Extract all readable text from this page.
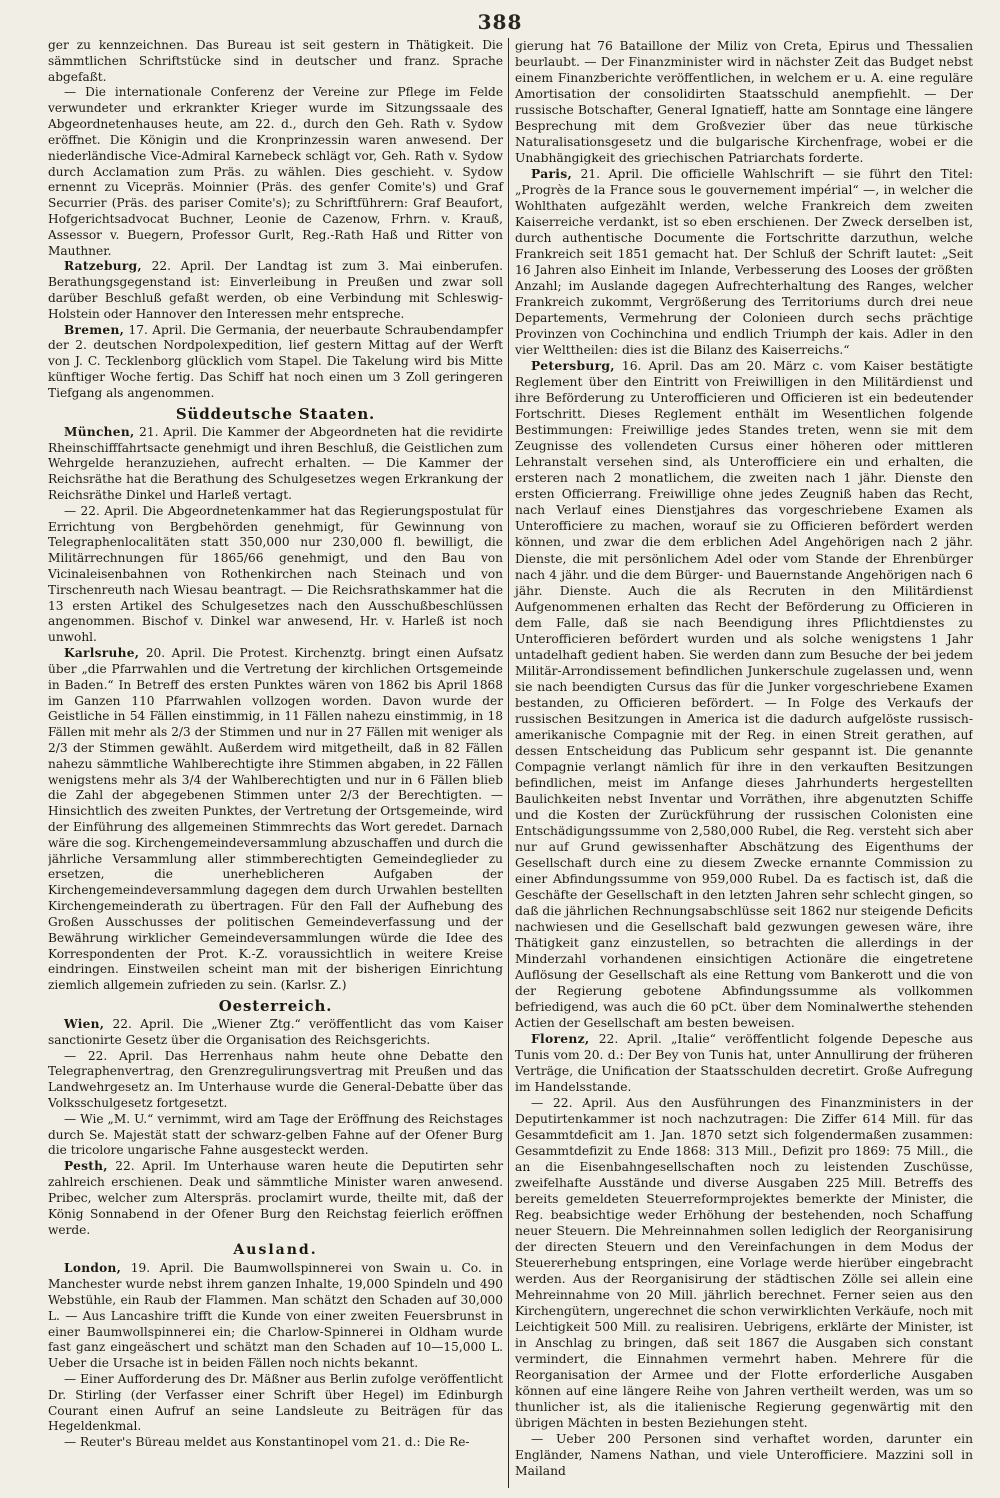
388

ger zu kennzeichnen. Das Bureau ist seit gestern in Thätigkeit. Die sämmtlichen Schriftstücke sind in deutscher und franz. Sprache abgefaßt.

— Die internationale Conferenz der Vereine zur Pflege im Felde verwundeter und erkrankter Krieger wurde im Sitzungssaale des Abgeordnetenhauses heute, am 22. d., durch den Geh. Rath v. Sydow eröffnet. Die Königin und die Kronprinzessin waren anwesend. Der niederländische Vice-Admiral Karnebeck schlägt vor, Geh. Rath v. Sydow durch Acclamation zum Präs. zu wählen. Dies geschieht. v. Sydow ernennt zu Vicepräs. Moinnier (Präs. des genfer Comite's) und Graf Securrier (Präs. des pariser Comite's); zu Schriftführern: Graf Beaufort, Hofgerichtsadvocat Buchner, Leonie de Cazenow, Frhrn. v. Krauß, Assessor v. Buegern, Professor Gurlt, Reg.-Rath Haß und Ritter von Mauthner.

Ratzeburg, 22. April. Der Landtag ist zum 3. Mai einberufen. Berathungsgegenstand ist: Einverleibung in Preußen und zwar soll darüber Beschluß gefaßt werden, ob eine Verbindung mit Schleswig-Holstein oder Hannover den Interessen mehr entspreche.

Bremen, 17. April. Die Germania, der neuerbaute Schraubendampfer der 2. deutschen Nordpolexpedition, lief gestern Mittag auf der Werft von J. C. Tecklenborg glücklich vom Stapel. Die Takelung wird bis Mitte künftiger Woche fertig. Das Schiff hat noch einen um 3 Zoll geringeren Tiefgang als angenommen.

Süddeutsche Staaten.

München, 21. April. Die Kammer der Abgeordneten hat die revidirte Rheinschifffahrtsacte genehmigt und ihren Beschluß, die Geistlichen zum Wehrgelde heranzuziehen, aufrecht erhalten. — Die Kammer der Reichsräthe hat die Berathung des Schulgesetzes wegen Erkrankung der Reichsräthe Dinkel und Harleß vertagt.

— 22. April. Die Abgeordnetenkammer hat das Regierungspostulat für Errichtung von Bergbehörden genehmigt, für Gewinnung von Telegraphenlocalitäten statt 350,000 nur 230,000 fl. bewilligt, die Militärrechnungen für 1865/66 genehmigt, und den Bau von Vicinaleisenbahnen von Rothenkirchen nach Steinach und von Tirschenreuth nach Wiesau beantragt. — Die Reichsrathskammer hat die 13 ersten Artikel des Schulgesetzes nach den Ausschußbeschlüssen angenommen. Bischof v. Dinkel war anwesend, Hr. v. Harleß ist noch unwohl.

Karlsruhe, 20. April. Die Protest. Kirchenztg. bringt einen Aufsatz über „die Pfarrwahlen und die Vertretung der kirchlichen Ortsgemeinde in Baden.“ In Betreff des ersten Punktes wären von 1862 bis April 1868 im Ganzen 110 Pfarrwahlen vollzogen worden. Davon wurde der Geistliche in 54 Fällen einstimmig, in 11 Fällen nahezu einstimmig, in 18 Fällen mit mehr als 2/3 der Stimmen und nur in 27 Fällen mit weniger als 2/3 der Stimmen gewählt. Außerdem wird mitgetheilt, daß in 82 Fällen nahezu sämmtliche Wahlberechtigte ihre Stimmen abgaben, in 22 Fällen wenigstens mehr als 3/4 der Wahlberechtigten und nur in 6 Fällen blieb die Zahl der abgegebenen Stimmen unter 2/3 der Berechtigten. — Hinsichtlich des zweiten Punktes, der Vertretung der Ortsgemeinde, wird der Einführung des allgemeinen Stimmrechts das Wort geredet. Darnach wäre die sog. Kirchengemeindeversammlung abzuschaffen und durch die jährliche Versammlung aller stimmberechtigten Gemeindeglieder zu ersetzen, die unerheblicheren Aufgaben der Kirchengemeindeversammlung dagegen dem durch Urwahlen bestellten Kirchengemeinderath zu übertragen. Für den Fall der Aufhebung des Großen Ausschusses der politischen Gemeindeverfassung und der Bewährung wirklicher Gemeindeversammlungen würde die Idee des Korrespondenten der Prot. K.-Z. voraussichtlich in weitere Kreise eindringen. Einstweilen scheint man mit der bisherigen Einrichtung ziemlich allgemein zufrieden zu sein. (Karlsr. Z.)

Oesterreich.

Wien, 22. April. Die „Wiener Ztg.“ veröffentlicht das vom Kaiser sanctionirte Gesetz über die Organisation des Reichsgerichts.

— 22. April. Das Herrenhaus nahm heute ohne Debatte den Telegraphenvertrag, den Grenzregulirungsvertrag mit Preußen und das Landwehrgesetz an. Im Unterhause wurde die General-Debatte über das Volksschulgesetz fortgesetzt.

— Wie „M. U.“ vernimmt, wird am Tage der Eröffnung des Reichstages durch Se. Majestät statt der schwarz-gelben Fahne auf der Ofener Burg die tricolore ungarische Fahne ausgesteckt werden.

Pesth, 22. April. Im Unterhause waren heute die Deputirten sehr zahlreich erschienen. Deak und sämmtliche Minister waren anwesend. Pribec, welcher zum Alterspräs. proclamirt wurde, theilte mit, daß der König Sonnabend in der Ofener Burg den Reichstag feierlich eröffnen werde.

Ausland.

London, 19. April. Die Baumwollspinnerei von Swain u. Co. in Manchester wurde nebst ihrem ganzen Inhalte, 19,000 Spindeln und 490 Webstühle, ein Raub der Flammen. Man schätzt den Schaden auf 30,000 L. — Aus Lancashire trifft die Kunde von einer zweiten Feuersbrunst in einer Baumwollspinnerei ein; die Charlow-Spinnerei in Oldham wurde fast ganz eingeäschert und schätzt man den Schaden auf 10—15,000 L. Ueber die Ursache ist in beiden Fällen noch nichts bekannt.

— Einer Aufforderung des Dr. Mäßner aus Berlin zufolge veröffentlicht Dr. Stirling (der Verfasser einer Schrift über Hegel) im Edinburgh Courant einen Aufruf an seine Landsleute zu Beiträgen für das Hegeldenkmal.

— Reuter's Büreau meldet aus Konstantinopel vom 21. d.: Die Re-

gierung hat 76 Bataillone der Miliz von Creta, Epirus und Thessalien beurlaubt. — Der Finanzminister wird in nächster Zeit das Budget nebst einem Finanzberichte veröffentlichen, in welchem er u. A. eine reguläre Amortisation der consolidirten Staatsschuld anempfiehlt. — Der russische Botschafter, General Ignatieff, hatte am Sonntage eine längere Besprechung mit dem Großvezier über das neue türkische Naturalisationsgesetz und die bulgarische Kirchenfrage, wobei er die Unabhängigkeit des griechischen Patriarchats forderte.

Paris, 21. April. Die officielle Wahlschrift — sie führt den Titel: „Progrès de la France sous le gouvernement impérial“ —, in welcher die Wohlthaten aufgezählt werden, welche Frankreich dem zweiten Kaiserreiche verdankt, ist so eben erschienen. Der Zweck derselben ist, durch authentische Documente die Fortschritte darzuthun, welche Frankreich seit 1851 gemacht hat. Der Schluß der Schrift lautet: „Seit 16 Jahren also Einheit im Inlande, Verbesserung des Looses der größten Anzahl; im Auslande dagegen Aufrechterhaltung des Ranges, welcher Frankreich zukommt, Vergrößerung des Territoriums durch drei neue Departements, Vermehrung der Colonieen durch sechs prächtige Provinzen von Cochinchina und endlich Triumph der kais. Adler in den vier Welttheilen: dies ist die Bilanz des Kaiserreichs.“

Petersburg, 16. April. Das am 20. März c. vom Kaiser bestätigte Reglement über den Eintritt von Freiwilligen in den Militärdienst und ihre Beförderung zu Unterofficieren und Officieren ist ein bedeutender Fortschritt. Dieses Reglement enthält im Wesentlichen folgende Bestimmungen: Freiwillige jedes Standes treten, wenn sie mit dem Zeugnisse des vollendeten Cursus einer höheren oder mittleren Lehranstalt versehen sind, als Unterofficiere ein und erhalten, die ersteren nach 2 monatlichem, die zweiten nach 1 jähr. Dienste den ersten Officierrang. Freiwillige ohne jedes Zeugniß haben das Recht, nach Verlauf eines Dienstjahres das vorgeschriebene Examen als Unterofficiere zu machen, worauf sie zu Officieren befördert werden können, und zwar die dem erblichen Adel Angehörigen nach 2 jähr. Dienste, die mit persönlichem Adel oder vom Stande der Ehrenbürger nach 4 jähr. und die dem Bürger- und Bauernstande Angehörigen nach 6 jähr. Dienste. Auch die als Recruten in den Militärdienst Aufgenommenen erhalten das Recht der Beförderung zu Officieren in dem Falle, daß sie nach Beendigung ihres Pflichtdienstes zu Unterofficieren befördert wurden und als solche wenigstens 1 Jahr untadelhaft gedient haben. Sie werden dann zum Besuche der bei jedem Militär-Arrondissement befindlichen Junkerschule zugelassen und, wenn sie nach beendigten Cursus das für die Junker vorgeschriebene Examen bestanden, zu Officieren befördert. — In Folge des Verkaufs der russischen Besitzungen in America ist die dadurch aufgelöste russisch-amerikanische Compagnie mit der Reg. in einen Streit gerathen, auf dessen Entscheidung das Publicum sehr gespannt ist. Die genannte Compagnie verlangt nämlich für ihre in den verkauften Besitzungen befindlichen, meist im Anfange dieses Jahrhunderts hergestellten Baulichkeiten nebst Inventar und Vorräthen, ihre abgenutzten Schiffe und die Kosten der Zurückführung der russischen Colonisten eine Entschädigungssumme von 2,580,000 Rubel, die Reg. versteht sich aber nur auf Grund gewissenhafter Abschätzung des Eigenthums der Gesellschaft durch eine zu diesem Zwecke ernannte Commission zu einer Abfindungssumme von 959,000 Rubel. Da es factisch ist, daß die Geschäfte der Gesellschaft in den letzten Jahren sehr schlecht gingen, so daß die jährlichen Rechnungsabschlüsse seit 1862 nur steigende Deficits nachwiesen und die Gesellschaft bald gezwungen gewesen wäre, ihre Thätigkeit ganz einzustellen, so betrachten die allerdings in der Minderzahl vorhandenen einsichtigen Actionäre die eingetretene Auflösung der Gesellschaft als eine Rettung vom Bankerott und die von der Regierung gebotene Abfindungssumme als vollkommen befriedigend, was auch die 60 pCt. über dem Nominalwerthe stehenden Actien der Gesellschaft am besten beweisen.

Florenz, 22. April. „Italie“ veröffentlicht folgende Depesche aus Tunis vom 20. d.: Der Bey von Tunis hat, unter Annullirung der früheren Verträge, die Unification der Staatsschulden decretirt. Große Aufregung im Handelsstande.

— 22. April. Aus den Ausführungen des Finanzministers in der Deputirtenkammer ist noch nachzutragen: Die Ziffer 614 Mill. für das Gesammtdeficit am 1. Jan. 1870 setzt sich folgendermaßen zusammen: Gesammtdefizit zu Ende 1868: 313 Mill., Defizit pro 1869: 75 Mill., die an die Eisenbahngesellschaften noch zu leistenden Zuschüsse, zweifelhafte Ausstände und diverse Ausgaben 225 Mill. Betreffs des bereits gemeldeten Steuerreformprojektes bemerkte der Minister, die Reg. beabsichtige weder Erhöhung der bestehenden, noch Schaffung neuer Steuern. Die Mehreinnahmen sollen lediglich der Reorganisirung der directen Steuern und den Vereinfachungen in dem Modus der Steuererhebung entspringen, eine Vorlage werde hierüber eingebracht werden. Aus der Reorganisirung der städtischen Zölle sei allein eine Mehreinnahme von 20 Mill. jährlich berechnet. Ferner seien aus den Kirchengütern, ungerechnet die schon verwirklichten Verkäufe, noch mit Leichtigkeit 500 Mill. zu realisiren. Uebrigens, erklärte der Minister, ist in Anschlag zu bringen, daß seit 1867 die Ausgaben sich constant vermindert, die Einnahmen vermehrt haben. Mehrere für die Reorganisation der Armee und der Flotte erforderliche Ausgaben können auf eine längere Reihe von Jahren vertheilt werden, was um so thunlicher ist, als die italienische Regierung gegenwärtig mit den übrigen Mächten in besten Beziehungen steht.

— Ueber 200 Personen sind verhaftet worden, darunter ein Engländer, Namens Nathan, und viele Unterofficiere. Mazzini soll in Mailand
